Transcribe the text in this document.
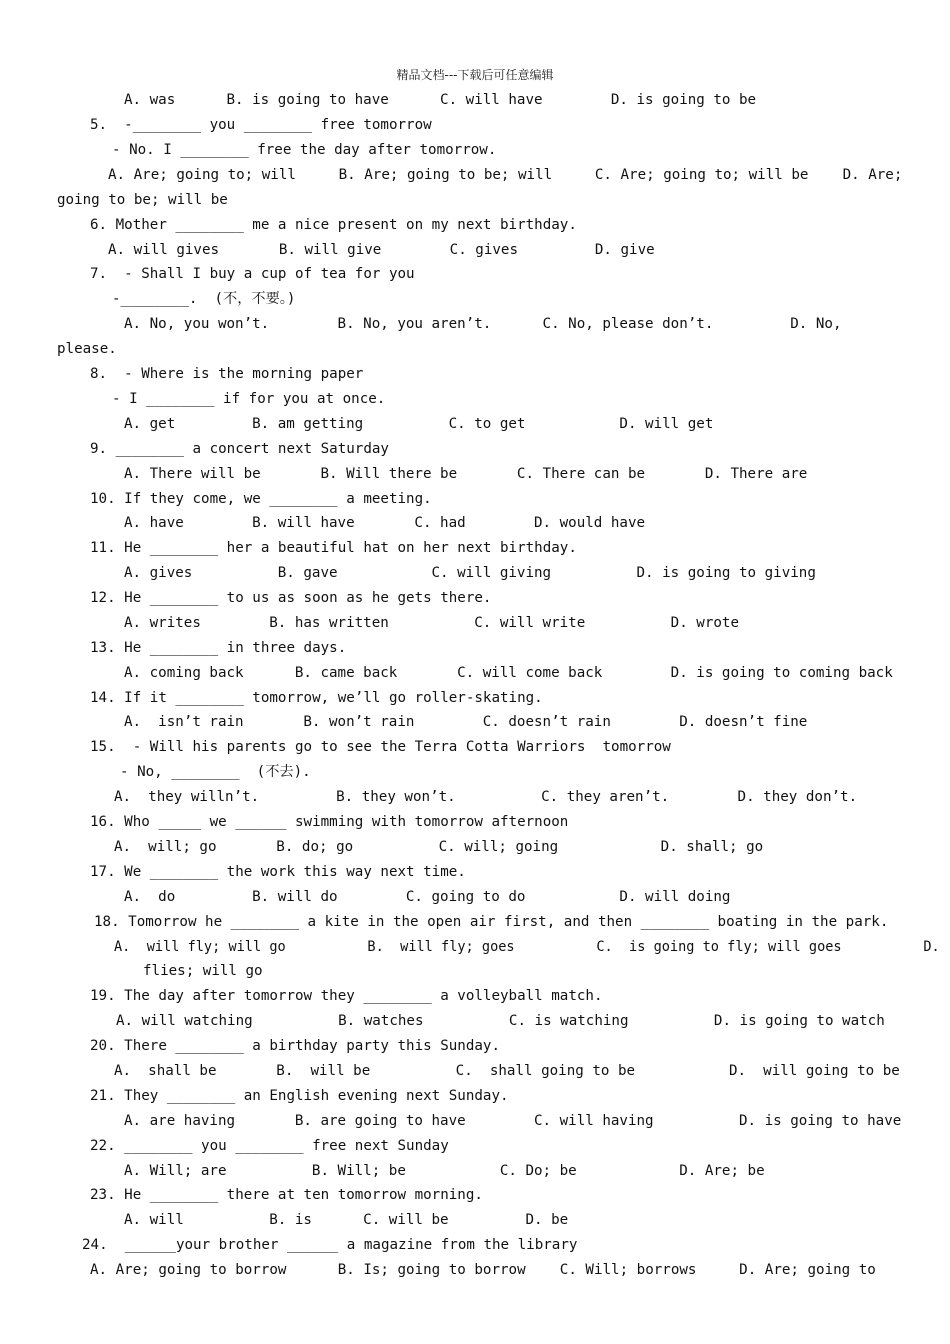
精品文档---下载后可任意编辑
A. was      B. is going to have      C. will have        D. is going to be
5.  -________ you ________ free tomorrow
- No. I ________ free the day after tomorrow.
A. Are; going to; will     B. Are; going to be; will     C. Are; going to; will be    D. Are;
going to be; will be
6. Mother ________ me a nice present on my next birthday.
A. will gives       B. will give        C. gives         D. give
7.  - Shall I buy a cup of tea for you
-________.  (不，不要。)
A. No, you won’t.        B. No, you aren’t.      C. No, please don’t.         D. No,
please.
8.  - Where is the morning paper
- I ________ if for you at once.
A. get         B. am getting          C. to get           D. will get
9. ________ a concert next Saturday
A. There will be       B. Will there be       C. There can be       D. There are
10. If they come, we ________ a meeting.
A. have        B. will have       C. had        D. would have
11. He ________ her a beautiful hat on her next birthday.
A. gives          B. gave           C. will giving          D. is going to giving
12. He ________ to us as soon as he gets there.
A. writes        B. has written          C. will write          D. wrote
13. He ________ in three days.
A. coming back      B. came back       C. will come back        D. is going to coming back
14. If it ________ tomorrow, we’ll go roller-skating.
A.  isn’t rain       B. won’t rain        C. doesn’t rain        D. doesn’t fine
15.  - Will his parents go to see the Terra Cotta Warriors  tomorrow
- No, ________  (不去).
A.  they willn’t.         B. they won’t.          C. they aren’t.        D. they don’t.
16. Who _____ we ______ swimming with tomorrow afternoon
A.  will; go       B. do; go          C. will; going            D. shall; go
17. We ________ the work this way next time.
A.  do         B. will do        C. going to do           D. will doing
18. Tomorrow he ________ a kite in the open air first, and then ________ boating in the park.
A.  will fly; will go          B.  will fly; goes          C.  is going to fly; will goes          D.
flies; will go
19. The day after tomorrow they ________ a volleyball match.
A. will watching          B. watches          C. is watching          D. is going to watch
20. There ________ a birthday party this Sunday.
A.  shall be       B.  will be          C.  shall going to be           D.  will going to be
21. They ________ an English evening next Sunday.
A. are having       B. are going to have        C. will having          D. is going to have
22. ________ you ________ free next Sunday
A. Will; are          B. Will; be           C. Do; be            D. Are; be
23. He ________ there at ten tomorrow morning.
A. will          B. is      C. will be         D. be
24.  ______your brother ______ a magazine from the library
A. Are; going to borrow      B. Is; going to borrow    C. Will; borrows     D. Are; going to
